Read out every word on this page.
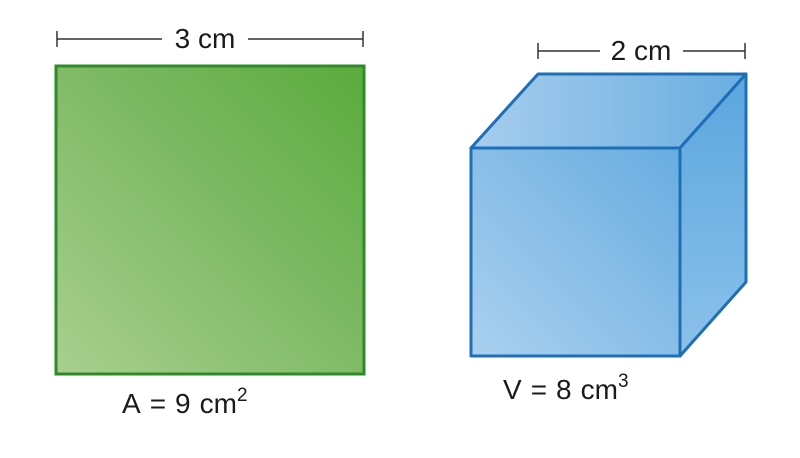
3 cm
A = 9 $cm^2$
2 cm
V = 8 $cm^3$
